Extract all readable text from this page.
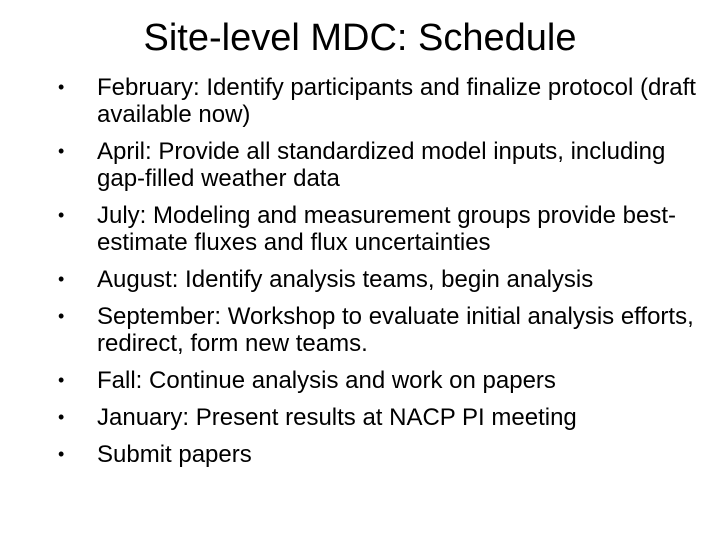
Site-level MDC: Schedule
• February: Identify participants and finalize protocol (draft available now)
• April: Provide all standardized model inputs, including gap-filled weather data
• July: Modeling and measurement groups provide best-estimate fluxes and flux uncertainties
• August: Identify analysis teams, begin analysis
• September: Workshop to evaluate initial analysis efforts, redirect, form new teams.
• Fall: Continue analysis and work on papers
• January: Present results at NACP PI meeting
• Submit papers
